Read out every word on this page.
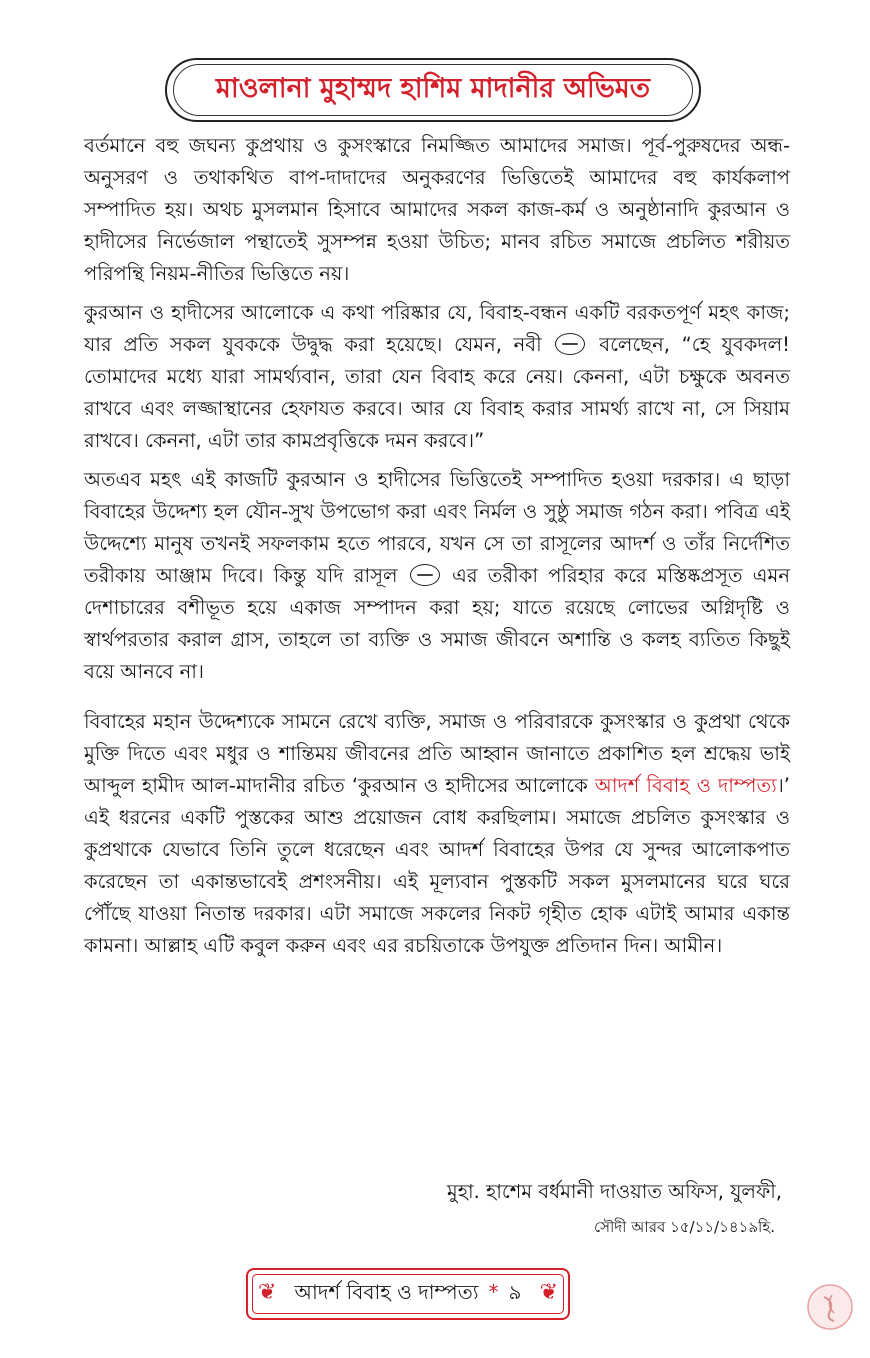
মাওলানা মুহাম্মদ হাশিম মাদানীর অভিমত

বর্তমানে বহু জঘন্য কুপ্রথায় ও কুসংস্কারে নিমজ্জিত আমাদের সমাজ। পূর্ব-পুরুষদের অন্ধ-অনুসরণ ও তথাকথিত বাপ-দাদাদের অনুকরণের ভিত্তিতেই আমাদের বহু কার্যকলাপ সম্পাদিত হয়। অথচ মুসলমান হিসাবে আমাদের সকল কাজ-কর্ম ও অনুষ্ঠানাদি কুরআন ও হাদীসের নির্ভেজাল পন্থাতেই সুসম্পন্ন হওয়া উচিত; মানব রচিত সমাজে প্রচলিত শরীয়ত পরিপন্থি নিয়ম-নীতির ভিত্তিতে নয়।

কুরআন ও হাদীসের আলোকে এ কথা পরিষ্কার যে, বিবাহ-বন্ধন একটি বরকতপূর্ণ মহৎ কাজ; যার প্রতি সকল যুবককে উদ্বুদ্ধ করা হয়েছে। যেমন, নবী	বলেছেন, “হে যুবকদল! তোমাদের মধ্যে যারা সামর্থ্যবান, তারা যেন বিবাহ করে নেয়। কেননা, এটা চক্ষুকে অবনত রাখবে এবং লজ্জাস্থানের হেফাযত করবে। আর যে বিবাহ করার সামর্থ্য রাখে না, সে সিয়াম রাখবে। কেননা, এটা তার কামপ্রবৃত্তিকে দমন করবে।”

অতএব মহৎ এই কাজটি কুরআন ও হাদীসের ভিত্তিতেই সম্পাদিত হওয়া দরকার। এ ছাড়া বিবাহের উদ্দেশ্য হল যৌন-সুখ উপভোগ করা এবং নির্মল ও সুষ্ঠু সমাজ গঠন করা। পবিত্র এই উদ্দেশ্যে মানুষ তখনই সফলকাম হতে পারবে, যখন সে তা রাসূলের আদর্শ ও তাঁর নির্দেশিত তরীকায় আঞ্জাম দিবে। কিন্তু যদি রাসূল	এর তরীকা পরিহার করে মস্তিষ্কপ্রসূত এমন দেশাচারের বশীভূত হয়ে একাজ সম্পাদন করা হয়; যাতে রয়েছে লোভের অগ্নিদৃষ্টি ও স্বার্থপরতার করাল গ্রাস, তাহলে তা ব্যক্তি ও সমাজ জীবনে অশান্তি ও কলহ ব্যতিত কিছুই বয়ে আনবে না।

বিবাহের মহান উদ্দেশ্যকে সামনে রেখে ব্যক্তি, সমাজ ও পরিবারকে কুসংস্কার ও কুপ্রথা থেকে মুক্তি দিতে এবং মধুর ও শান্তিময় জীবনের প্রতি আহ্বান জানাতে প্রকাশিত হল শ্রদ্ধেয় ভাই আব্দুল হামীদ আল-মাদানীর রচিত ‘কুরআন ও হাদীসের আলোকে আদর্শ বিবাহ ও দাম্পত্য।’ এই ধরনের একটি পুস্তকের আশু প্রয়োজন বোধ করছিলাম। সমাজে প্রচলিত কুসংস্কার ও কুপ্রথাকে যেভাবে তিনি তুলে ধরেছেন এবং আদর্শ বিবাহের উপর যে সুন্দর আলোকপাত করেছেন তা একান্তভাবেই প্রশংসনীয়। এই মূল্যবান পুস্তকটি সকল মুসলমানের ঘরে ঘরে পৌঁছে যাওয়া নিতান্ত দরকার। এটা সমাজে সকলের নিকট গৃহীত হোক এটাই আমার একান্ত কামনা। আল্লাহ এটি কবুল করুন এবং এর রচয়িতাকে উপযুক্ত প্রতিদান দিন। আমীন।

মুহা. হাশেম বর্ধমানী দাওয়াত অফিস, যুলফী,
সৌদী আরব ১৫/১১/১৪১৯হি.
❦ আদর্শ বিবাহ ও দাম্পত্য * ৯ ❦
